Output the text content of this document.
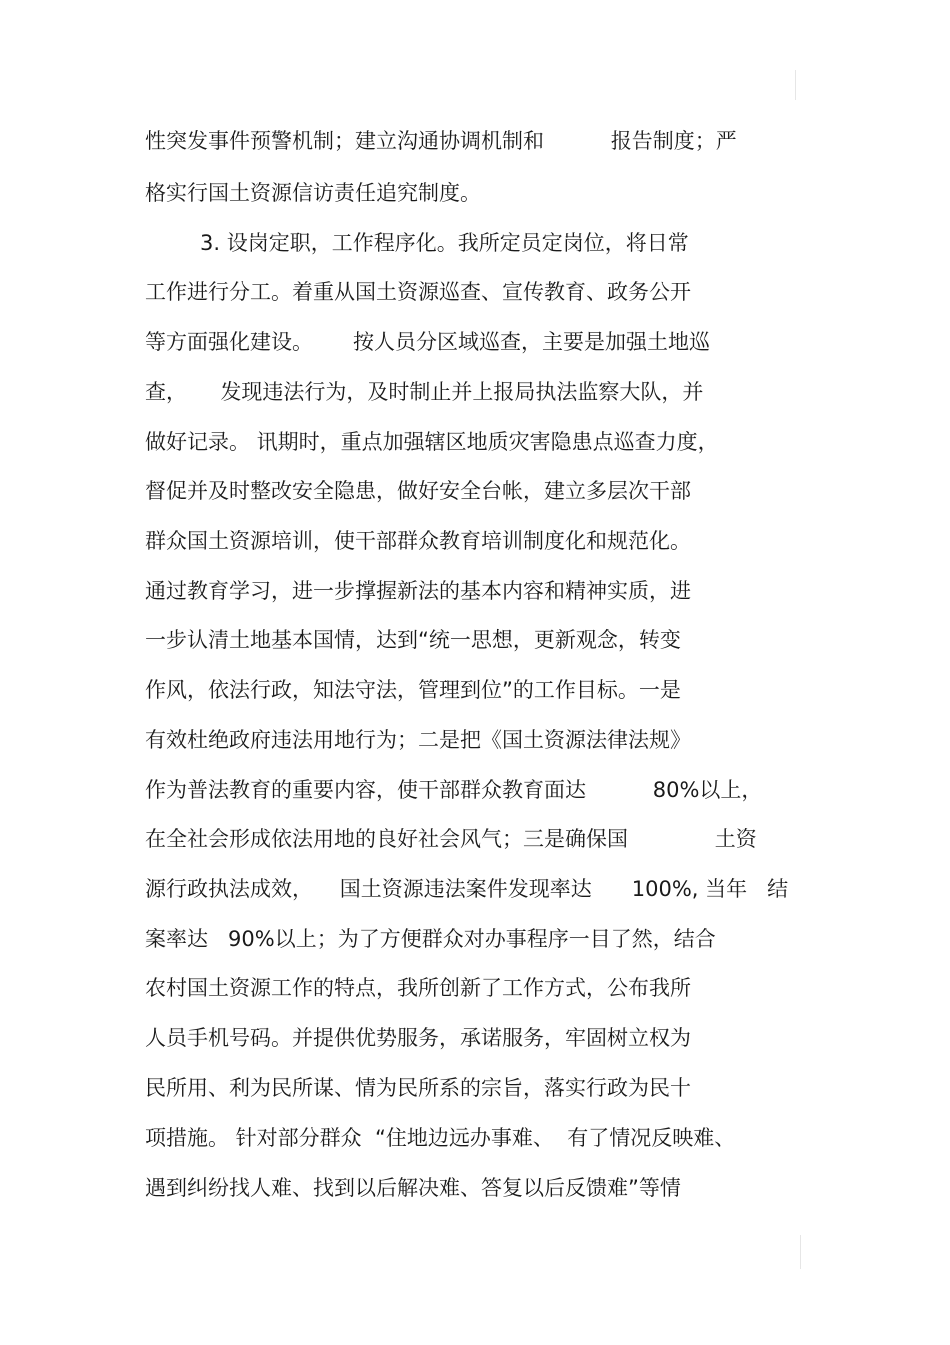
性突发事件预警机制；建立沟通协调机制和          报告制度；严
格实行国土资源信访责任追究制度。
3. 设岗定职，工作程序化。我所定员定岗位，将日常
工作进行分工。着重从国土资源巡查、宣传教育、政务公开
等方面强化建设。      按人员分区域巡查，主要是加强土地巡
查，     发现违法行为，及时制止并上报局执法监察大队，并
做好记录。 讯期时，重点加强辖区地质灾害隐患点巡查力度，
督促并及时整改安全隐患，做好安全台帐，建立多层次干部
群众国土资源培训，使干部群众教育培训制度化和规范化。
通过教育学习，进一步撑握新法的基本内容和精神实质，进
一步认清土地基本国情，达到“统一思想，更新观念，转变
作风，依法行政，知法守法，管理到位”的工作目标。一是
有效杜绝政府违法用地行为；二是把《国土资源法律法规》
作为普法教育的重要内容，使干部群众教育面达          80%以上，
在全社会形成依法用地的良好社会风气；三是确保国             土资
源行政执法成效，    国土资源违法案件发现率达      100%, 当年   结
案率达   90%以上；为了方便群众对办事程序一目了然，结合
农村国土资源工作的特点，我所创新了工作方式，公布我所
人员手机号码。并提供优势服务，承诺服务，牢固树立权为
民所用、利为民所谋、情为民所系的宗旨，落实行政为民十
项措施。 针对部分群众  “住地边远办事难、  有了情况反映难、
遇到纠纷找人难、找到以后解决难、答复以后反馈难”等情
